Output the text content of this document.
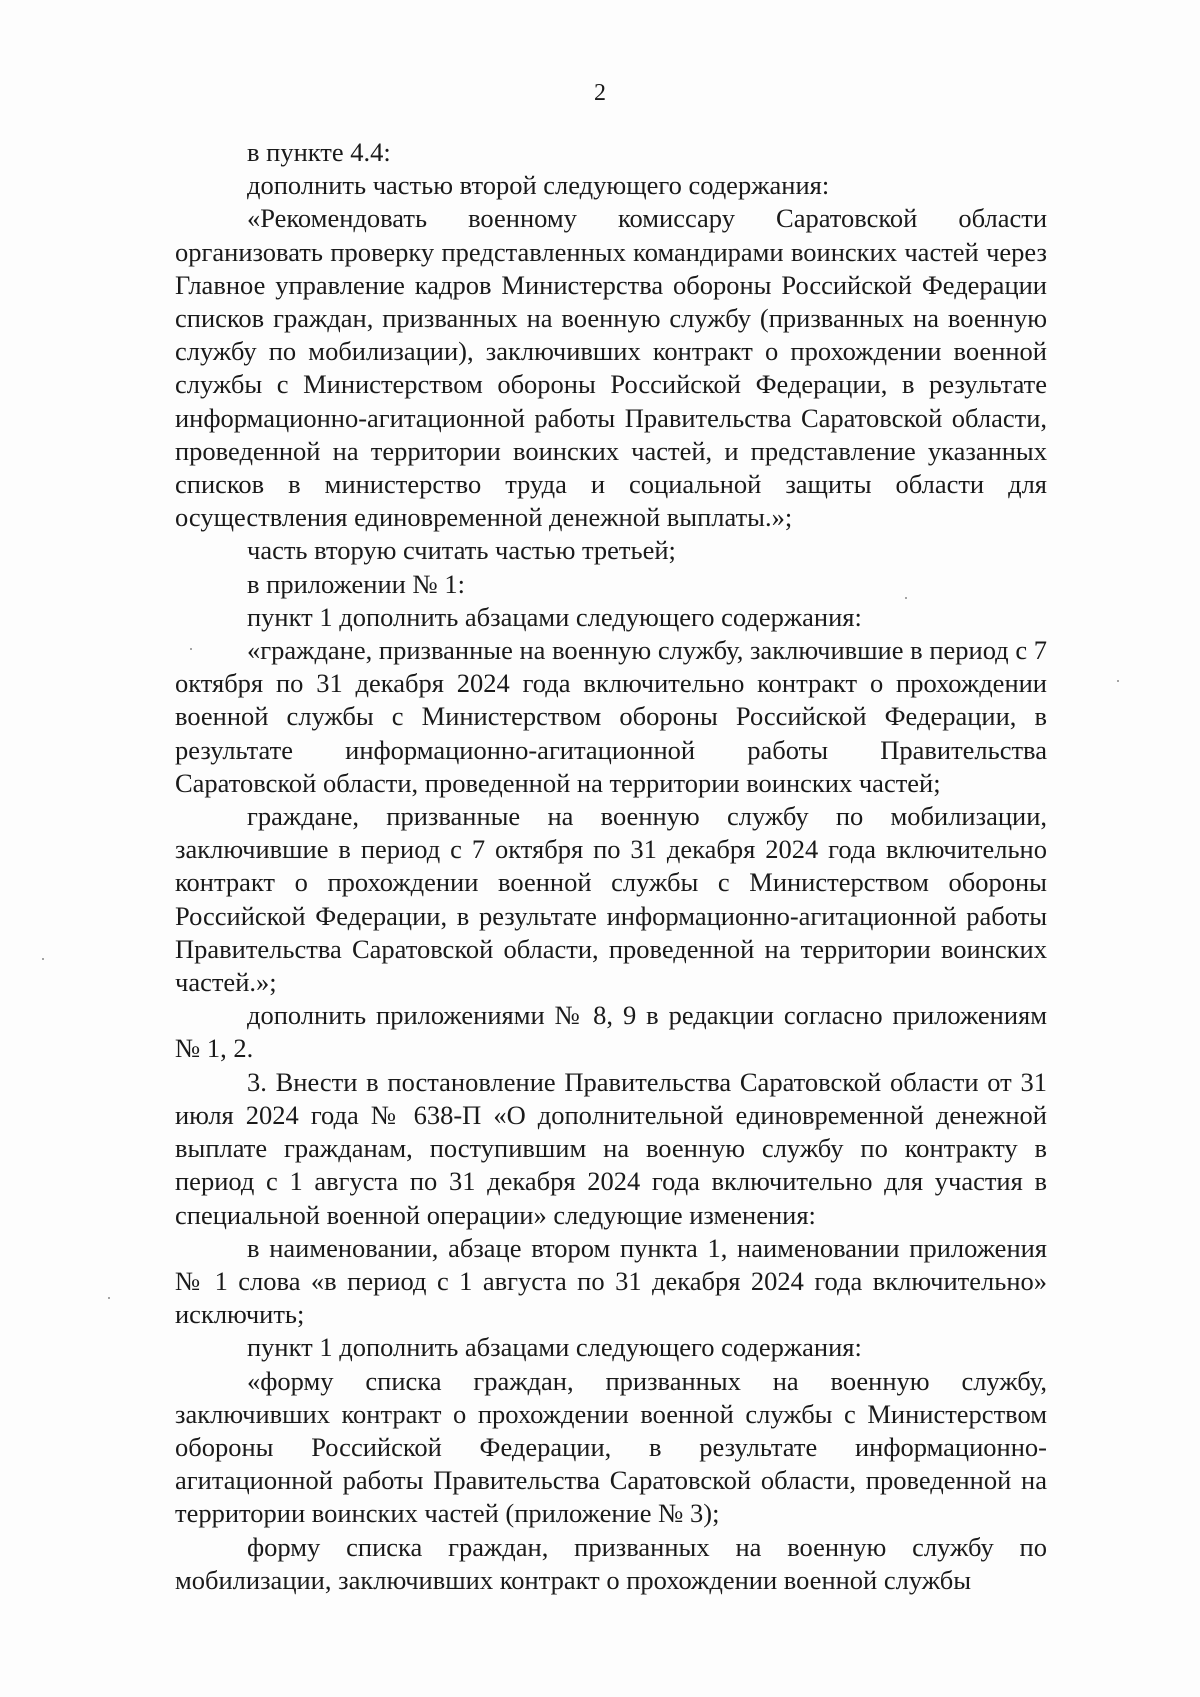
2

в пункте 4.4:

дополнить частью второй следующего содержания:

«Рекомендовать военному комиссару Саратовской области организовать проверку представленных командирами воинских частей через Главное управление кадров Министерства обороны Российской Федерации списков граждан, призванных на военную службу (призванных на военную службу по мобилизации), заключивших контракт о прохождении военной службы с Министерством обороны Российской Федерации, в результате информационно-агитационной работы Правительства Саратовской области, проведенной на территории воинских частей, и представление указанных списков в министерство труда и социальной защиты области для осуществления единовременной денежной выплаты.»;

часть вторую считать частью третьей;

в приложении № 1:

пункт 1 дополнить абзацами следующего содержания:

«граждане, призванные на военную службу, заключившие в период с 7 октября по 31 декабря 2024 года включительно контракт о прохождении военной службы с Министерством обороны Российской Федерации, в результате информационно-агитационной работы Правительства Саратовской области, проведенной на территории воинских частей;

граждане, призванные на военную службу по мобилизации, заключившие в период с 7 октября по 31 декабря 2024 года включительно контракт о прохождении военной службы с Министерством обороны Российской Федерации, в результате информационно-агитационной работы Правительства Саратовской области, проведенной на территории воинских частей.»;

дополнить приложениями № 8, 9 в редакции согласно приложениям № 1, 2.

3. Внести в постановление Правительства Саратовской области от 31 июля 2024 года № 638-П «О дополнительной единовременной денежной выплате гражданам, поступившим на военную службу по контракту в период с 1 августа по 31 декабря 2024 года включительно для участия в специальной военной операции» следующие изменения:

в наименовании, абзаце втором пункта 1, наименовании приложения № 1 слова «в период с 1 августа по 31 декабря 2024 года включительно» исключить;

пункт 1 дополнить абзацами следующего содержания:

«форму списка граждан, призванных на военную службу, заключивших контракт о прохождении военной службы с Министерством обороны Российской Федерации, в результате информационно-агитационной работы Правительства Саратовской области, проведенной на территории воинских частей (приложение № 3);

форму списка граждан, призванных на военную службу по мобилизации, заключивших контракт о прохождении военной службы
